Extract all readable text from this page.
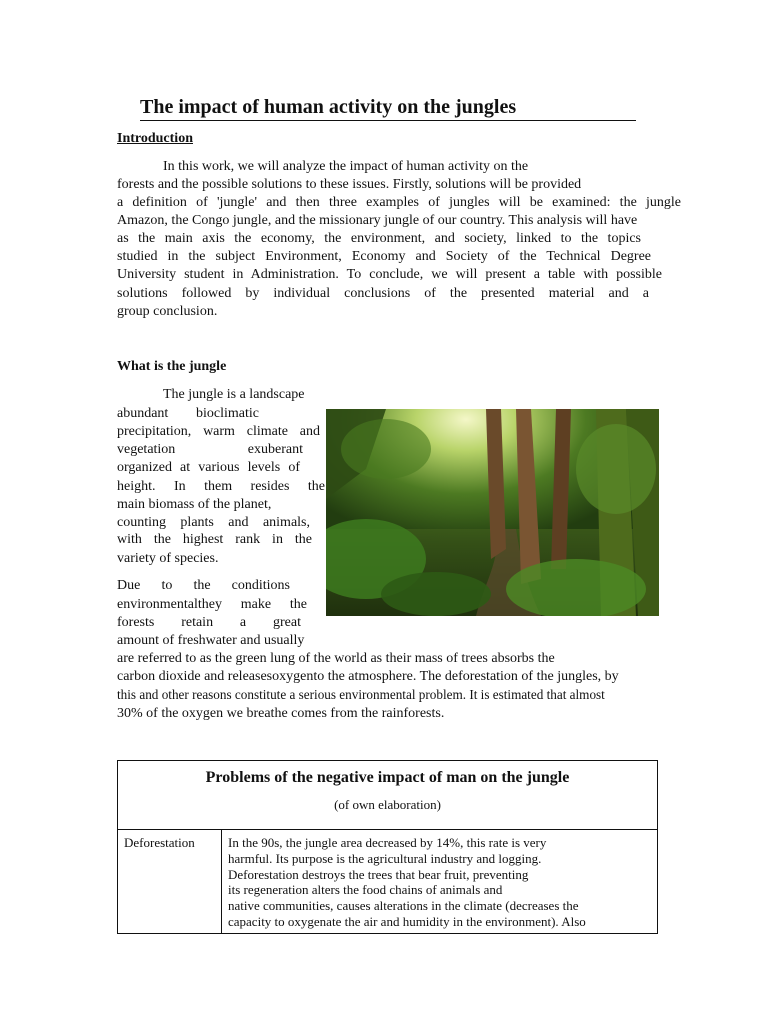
The impact of human activity on the jungles
Introduction
In this work, we will analyze the impact of human activity on the
forests and the possible solutions to these issues. Firstly, solutions will be provided
a definition of 'jungle' and then three examples of jungles will be examined: the jungle
Amazon, the Congo jungle, and the missionary jungle of our country. This analysis will have
as the main axis the economy, the environment, and society, linked to the topics
studied in the subject Environment, Economy and Society of the Technical Degree
University student in Administration. To conclude, we will present a table with possible
solutions followed by individual conclusions of the presented material and a
group conclusion.
What is the jungle
The jungle is a landscape
abundant bioclimatic
precipitation, warm climate and
vegetation exuberant
organized at various levels of
height. In them resides the
main biomass of the planet,
counting plants and animals,
with the highest rank in the
variety of species.
Due to the conditions
environmentalthey make the
forests retain a great
amount of freshwater and usually
are referred to as the green lung of the world as their mass of trees absorbs the
carbon dioxide and releasesoxygento the atmosphere. The deforestation of the jungles, by
this and other reasons constitute a serious environmental problem. It is estimated that almost
30% of the oxygen we breathe comes from the rainforests.
Problems of the negative impact of man on the jungle
(of own elaboration)
Deforestation	In the 90s, the jungle area decreased by 14%, this rate is very
harmful. Its purpose is the agricultural industry and logging.
Deforestation destroys the trees that bear fruit, preventing
its regeneration alters the food chains of animals and
native communities, causes alterations in the climate (decreases the
capacity to oxygenate the air and humidity in the environment). Also
